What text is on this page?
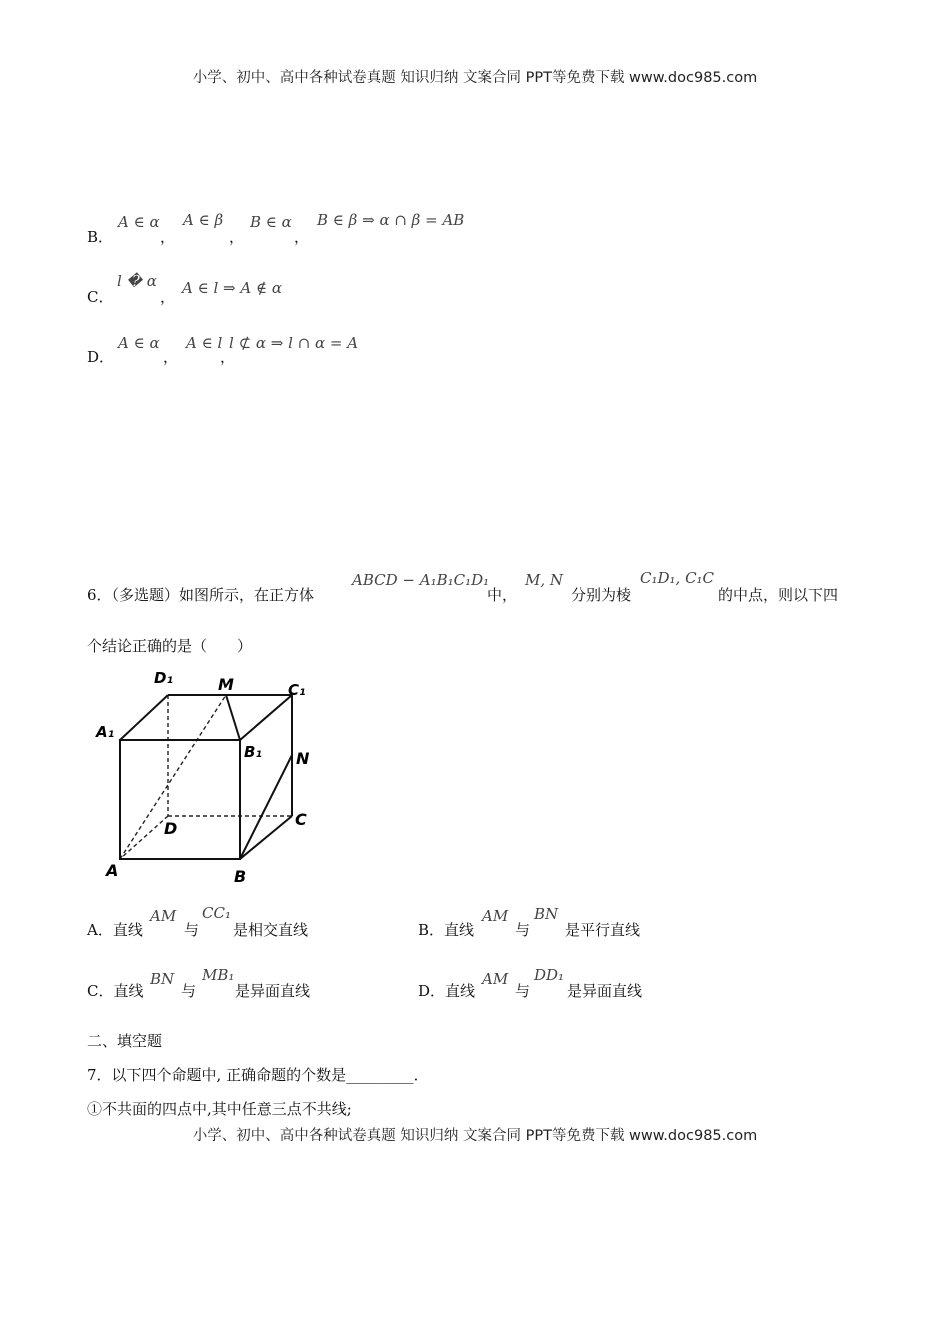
小学、初中、高中各种试卷真题 知识归纳 文案合同 PPT等免费下载 www.doc985.com
B．
A ∈ α
，
A ∈ β
，
B ∈ α
，
B ∈ β ⇒ α ∩ β = AB
C．
l � α
， A ∈ l ⇒ A ∉ α
D．
A ∈ α
，
A ∈ l l ⊄ α ⇒ l ∩ α = A
，
6．（多选题）如图所示，在正方体
ABCD − A₁B₁C₁D₁
中，
M, N
分别为棱
C₁D₁, C₁C
的中点，则以下四
个结论正确的是（　　）
D₁	M	C₁
A₁
B₁ N
D	C
A	B
A．直线
AM
与
CC₁
是相交直线	B．直线
AM
与
BN
是平行直线
C．直线
BN
与
MB₁
是异面直线	D．直线
AM
与
DD₁
是异面直线
二、填空题
7．以下四个命题中, 正确命题的个数是_________．
①不共面的四点中,其中任意三点不共线;
小学、初中、高中各种试卷真题 知识归纳 文案合同 PPT等免费下载 www.doc985.com
